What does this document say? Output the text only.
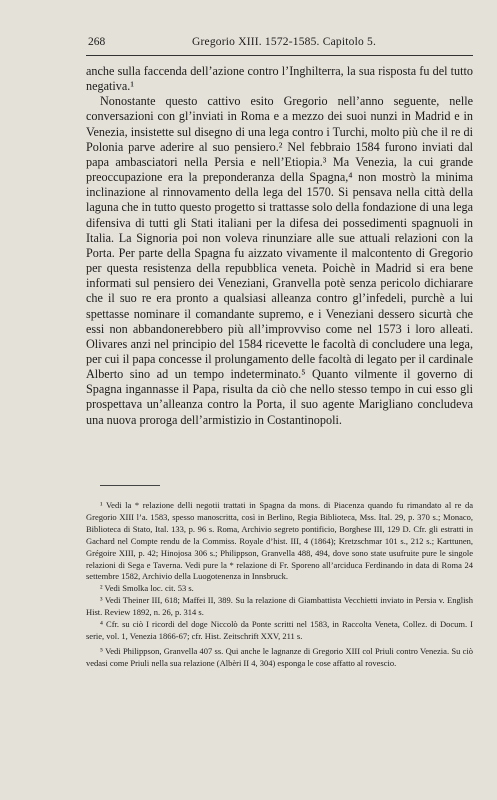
268	Gregorio XIII. 1572-1585. Capitolo 5.

anche sulla faccenda dell’azione contro l’Inghilterra, la sua risposta fu del tutto negativa.¹

Nonostante questo cattivo esito Gregorio nell’anno seguente, nelle conversazioni con gl’inviati in Roma e a mezzo dei suoi nunzi in Madrid e in Venezia, insistette sul disegno di una lega contro i Turchi, molto più che il re di Polonia parve aderire al suo pensiero.² Nel febbraio 1584 furono inviati dal papa ambasciatori nella Persia e nell’Etiopia.³ Ma Venezia, la cui grande preoccupazione era la preponderanza della Spagna,⁴ non mostrò la minima inclinazione al rinnovamento della lega del 1570. Si pensava nella città della laguna che in tutto questo progetto si trattasse solo della fondazione di una lega difensiva di tutti gli Stati italiani per la difesa dei possedimenti spagnuoli in Italia. La Signoria poi non voleva rinunziare alle sue attuali relazioni con la Porta. Per parte della Spagna fu aizzato vivamente il malcontento di Gregorio per questa resistenza della repubblica veneta. Poichè in Madrid si era bene informati sul pensiero dei Veneziani, Granvella potè senza pericolo dichiarare che il suo re era pronto a qualsiasi alleanza contro gl’infedeli, purchè a lui spettasse nominare il comandante supremo, e i Veneziani dessero sicurtà che essi non abbandonerebbero più all’improvviso come nel 1573 i loro alleati. Olivares anzi nel principio del 1584 ricevette le facoltà di concludere una lega, per cui il papa concesse il prolungamento delle facoltà di legato per il cardinale Alberto sino ad un tempo indeterminato.⁵ Quanto vilmente il governo di Spagna ingannasse il Papa, risulta da ciò che nello stesso tempo in cui esso gli prospettava un’alleanza contro la Porta, il suo agente Marigliano concludeva una nuova proroga dell’armistizio in Costantinopoli.

¹ Vedi la * relazione delli negotii trattati in Spagna da mons. di Piacenza quando fu rimandato al re da Gregorio XIII l’a. 1583, spesso manoscritta, così in Berlino, Regia Biblioteca, Mss. Ital. 29, p. 370 s.; Monaco, Biblioteca di Stato, Ital. 133, p. 96 s. Roma, Archivio segreto pontificio, Borghese III, 129 D. Cfr. gli estratti in Gachard nel Compte rendu de la Commiss. Royale d’hist. III, 4 (1864); Kretzschmar 101 s., 212 s.; Karttunen, Grégoire XIII, p. 42; Hinojosa 306 s.; Philippson, Granvella 488, 494, dove sono state usufruite pure le singole relazioni di Sega e Taverna. Vedi pure la * relazione di Fr. Sporeno all’arciduca Ferdinando in data di Roma 24 settembre 1582, Archivio della Luogotenenza in Innsbruck.

² Vedi Smolka loc. cit. 53 s.

³ Vedi Theiner III, 618; Maffei II, 389. Su la relazione di Giambattista Vecchietti inviato in Persia v. English Hist. Review 1892, n. 26, p. 314 s.

⁴ Cfr. su ciò I ricordi del doge Niccolò da Ponte scritti nel 1583, in Raccolta Veneta, Collez. di Docum. I serie, vol. 1, Venezia 1866-67; cfr. Hist. Zeitschrift XXV, 211 s.

⁵ Vedi Philippson, Granvella 407 ss. Qui anche le lagnanze di Gregorio XIII col Priuli contro Venezia. Su ciò vedasi come Priuli nella sua relazione (Albèri II 4, 304) esponga le cose affatto al rovescio.
